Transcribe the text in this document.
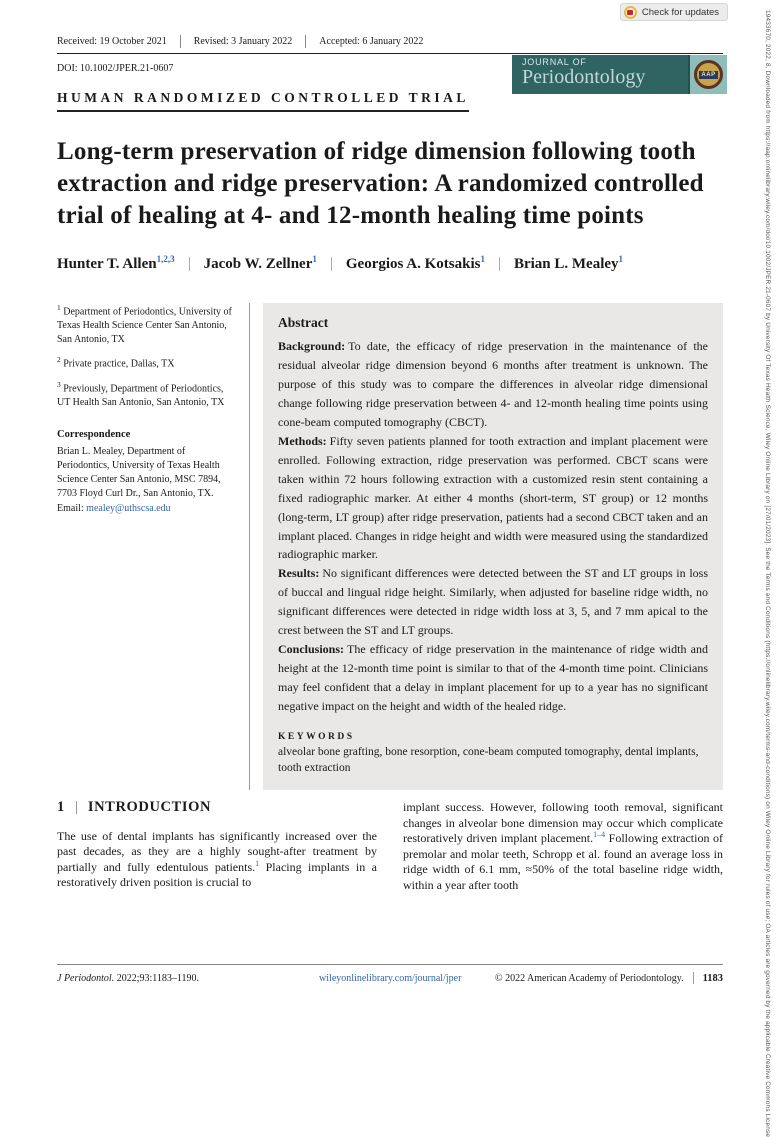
Check for updates	19433670, 2022, 8, Downloaded from https://aap.onlinelibrary.wiley.com/doi/10.1002/JPER.21-0607 by University Of Texas Health Science, Wiley Online Library on [27/01/2023]. See the Terms and Conditions (https://onlinelibrary.wiley.com/terms-and-conditions) on Wiley Online Library for rules of use; OA articles are governed by the applicable Creative Commons License
Received: 19 October 2021	Revised: 3 January 2022	Accepted: 6 January 2022
DOI: 10.1002/JPER.21-0607
JOURNAL OF
Periodontology	AAP
HUMAN RANDOMIZED CONTROLLED TRIAL
Long-term preservation of ridge dimension following tooth extraction and ridge preservation: A randomized controlled trial of healing at 4- and 12-month healing time points
Hunter T. Allen$^{1,2,3}$ Jacob W. Zellner$^1$ Georgios A. Kotsakis$^1$ Brian L. Mealey$^1$
$^1$ Department of Periodontics, University of Texas Health Science Center San Antonio, San Antonio, TX
$^2$ Private practice, Dallas, TX
$^3$ Previously, Department of Periodontics, UT Health San Antonio, San Antonio, TX
Correspondence
Brian L. Mealey, Department of Periodontics, University of Texas Health Science Center San Antonio, MSC 7894, 7703 Floyd Curl Dr., San Antonio, TX.
Email: mealey@uthscsa.edu
Abstract
Background: To date, the efficacy of ridge preservation in the maintenance of the residual alveolar ridge dimension beyond 6 months after treatment is unknown. The purpose of this study was to compare the differences in alveolar ridge dimensional change following ridge preservation between 4- and 12-month healing time points using cone-beam computed tomography (CBCT).
Methods: Fifty seven patients planned for tooth extraction and implant placement were enrolled. Following extraction, ridge preservation was performed. CBCT scans were taken within 72 hours following extraction with a customized resin stent containing a fixed radiographic marker. At either 4 months (short-term, ST group) or 12 months (long-term, LT group) after ridge preservation, patients had a second CBCT taken and an implant placed. Changes in ridge height and width were measured using the standardized radiographic marker.
Results: No significant differences were detected between the ST and LT groups in loss of buccal and lingual ridge height. Similarly, when adjusted for baseline ridge width, no significant differences were detected in ridge width loss at 3, 5, and 7 mm apical to the crest between the ST and LT groups.
Conclusions: The efficacy of ridge preservation in the maintenance of ridge width and height at the 12-month time point is similar to that of the 4-month time point. Clinicians may feel confident that a delay in implant placement for up to a year has no significant negative impact on the height and width of the healed ridge.
KEYWORDS
alveolar bone grafting, bone resorption, cone-beam computed tomography, dental implants, tooth extraction
1 INTRODUCTION
The use of dental implants has significantly increased over the past decades, as they are a highly sought-after treatment by partially and fully edentulous patients.$^1$ Placing implants in a restoratively driven position is crucial to
implant success. However, following tooth removal, significant changes in alveolar bone dimension may occur which complicate restoratively driven implant placement.$^{1-4}$ Following extraction of premolar and molar teeth, Schropp et al. found an average loss in ridge width of 6.1 mm, ≈50% of the total baseline ridge width, within a year after tooth
J Periodontol. 2022;93:1183–1190.	wileyonlinelibrary.com/journal/jper	© 2022 American Academy of Periodontology. 1183
